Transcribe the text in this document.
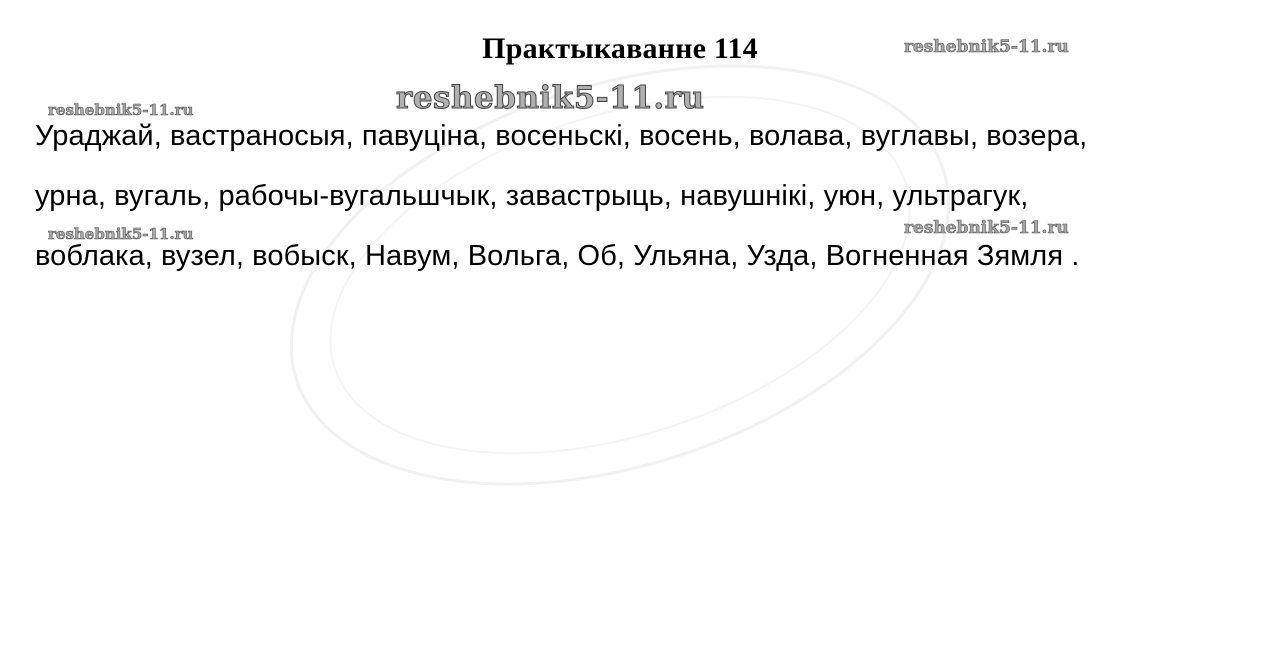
Практыкаванне 114	reshebnik5-11.ru
reshebnik5-11.ru
reshebnik5-11.ru
Ураджай, вастраносыя, павуціна, восеньскі, восень, волава, вуглавы, возера,
урна, вугаль, рабочы-вугальшчык, завастрыць, навушнікі, уюн, ультрагук,
reshebnik5-11.ru	reshebnik5-11.ru
воблака, вузел, вобыск, Навум, Вольга, Об, Ульяна, Узда, Вогненная Зямля .
